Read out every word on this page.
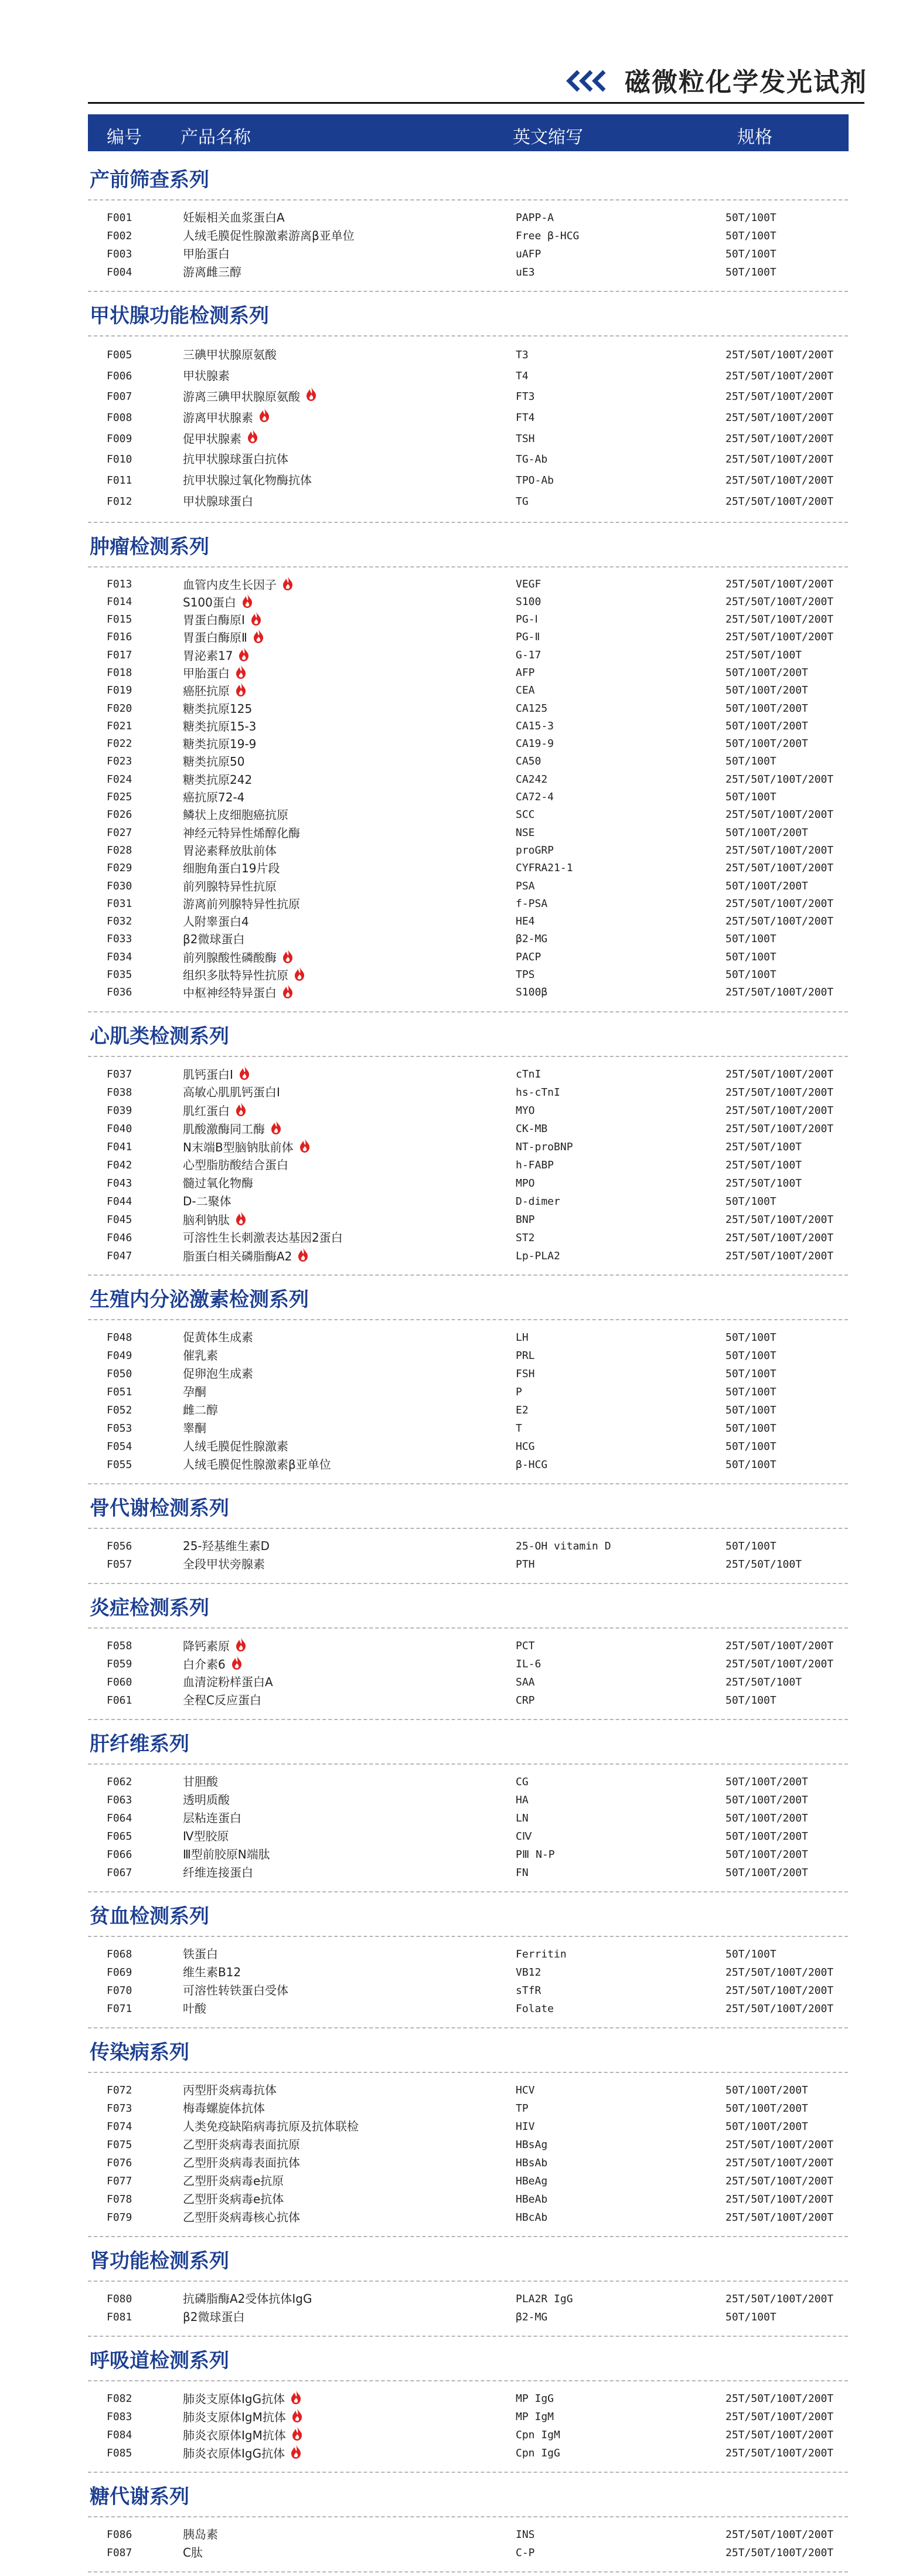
磁微粒化学发光试剂
编号 产品名称	英文缩写	规格
产前筛查系列
F001	妊娠相关血浆蛋白A	PAPP-A	50T/100T
F002	人绒毛膜促性腺激素游离β亚单位	Free β-HCG	50T/100T
F003	甲胎蛋白	uAFP	50T/100T
F004	游离雌三醇	uE3	50T/100T
甲状腺功能检测系列
F005	三碘甲状腺原氨酸	T3	25T/50T/100T/200T
F006	甲状腺素	T4	25T/50T/100T/200T
F007	游离三碘甲状腺原氨酸	FT3	25T/50T/100T/200T
F008	游离甲状腺素	FT4	25T/50T/100T/200T
F009	促甲状腺素	TSH	25T/50T/100T/200T
F010	抗甲状腺球蛋白抗体	TG-Ab	25T/50T/100T/200T
F011	抗甲状腺过氧化物酶抗体	TPO-Ab	25T/50T/100T/200T
F012	甲状腺球蛋白	TG	25T/50T/100T/200T
肿瘤检测系列
F013	血管内皮生长因子	VEGF	25T/50T/100T/200T
F014	S100蛋白	S100	25T/50T/100T/200T
F015	胃蛋白酶原Ⅰ	PG-Ⅰ	25T/50T/100T/200T
F016	胃蛋白酶原Ⅱ	PG-Ⅱ	25T/50T/100T/200T
F017	胃泌素17	G-17	25T/50T/100T
F018	甲胎蛋白	AFP	50T/100T/200T
F019	癌胚抗原	CEA	50T/100T/200T
F020	糖类抗原125	CA125	50T/100T/200T
F021	糖类抗原15-3	CA15-3	50T/100T/200T
F022	糖类抗原19-9	CA19-9	50T/100T/200T
F023	糖类抗原50	CA50	50T/100T
F024	糖类抗原242	CA242	25T/50T/100T/200T
F025	癌抗原72-4	CA72-4	50T/100T
F026	鳞状上皮细胞癌抗原	SCC	25T/50T/100T/200T
F027	神经元特异性烯醇化酶	NSE	50T/100T/200T
F028	胃泌素释放肽前体	proGRP	25T/50T/100T/200T
F029	细胞角蛋白19片段	CYFRA21-1	25T/50T/100T/200T
F030	前列腺特异性抗原	PSA	50T/100T/200T
F031	游离前列腺特异性抗原	f-PSA	25T/50T/100T/200T
F032	人附睾蛋白4	HE4	25T/50T/100T/200T
F033	β2微球蛋白	β2-MG	50T/100T
F034	前列腺酸性磷酸酶	PACP	50T/100T
F035	组织多肽特异性抗原	TPS	50T/100T
F036	中枢神经特异蛋白	S100β	25T/50T/100T/200T
心肌类检测系列
F037	肌钙蛋白Ⅰ	cTnI	25T/50T/100T/200T
F038	高敏心肌肌钙蛋白Ⅰ	hs-cTnI	25T/50T/100T/200T
F039	肌红蛋白	MYO	25T/50T/100T/200T
F040	肌酸激酶同工酶	CK-MB	25T/50T/100T/200T
F041	N末端B型脑钠肽前体	NT-proBNP	25T/50T/100T
F042	心型脂肪酸结合蛋白	h-FABP	25T/50T/100T
F043	髓过氧化物酶	MPO	25T/50T/100T
F044	D-二聚体	D-dimer	50T/100T
F045	脑利钠肽	BNP	25T/50T/100T/200T
F046	可溶性生长刺激表达基因2蛋白	ST2	25T/50T/100T/200T
F047	脂蛋白相关磷脂酶A2	Lp-PLA2	25T/50T/100T/200T
生殖内分泌激素检测系列
F048	促黄体生成素	LH	50T/100T
F049	催乳素	PRL	50T/100T
F050	促卵泡生成素	FSH	50T/100T
F051	孕酮	P	50T/100T
F052	雌二醇	E2	50T/100T
F053	睾酮	T	50T/100T
F054	人绒毛膜促性腺激素	HCG	50T/100T
F055	人绒毛膜促性腺激素β亚单位	β-HCG	50T/100T
骨代谢检测系列
F056	25-羟基维生素D	25-OH vitamin D	50T/100T
F057	全段甲状旁腺素	PTH	25T/50T/100T
炎症检测系列
F058	降钙素原	PCT	25T/50T/100T/200T
F059	白介素6	IL-6	25T/50T/100T/200T
F060	血清淀粉样蛋白A	SAA	25T/50T/100T
F061	全程C反应蛋白	CRP	50T/100T
肝纤维系列
F062	甘胆酸	CG	50T/100T/200T
F063	透明质酸	HA	50T/100T/200T
F064	层粘连蛋白	LN	50T/100T/200T
F065	Ⅳ型胶原	CⅣ	50T/100T/200T
F066	Ⅲ型前胶原N端肽	PⅢ N-P	50T/100T/200T
F067	纤维连接蛋白	FN	50T/100T/200T
贫血检测系列
F068	铁蛋白	Ferritin	50T/100T
F069	维生素B12	VB12	25T/50T/100T/200T
F070	可溶性转铁蛋白受体	sTfR	25T/50T/100T/200T
F071	叶酸	Folate	25T/50T/100T/200T
传染病系列
F072	丙型肝炎病毒抗体	HCV	50T/100T/200T
F073	梅毒螺旋体抗体	TP	50T/100T/200T
F074	人类免疫缺陷病毒抗原及抗体联检	HIV	50T/100T/200T
F075	乙型肝炎病毒表面抗原	HBsAg	25T/50T/100T/200T
F076	乙型肝炎病毒表面抗体	HBsAb	25T/50T/100T/200T
F077	乙型肝炎病毒e抗原	HBeAg	25T/50T/100T/200T
F078	乙型肝炎病毒e抗体	HBeAb	25T/50T/100T/200T
F079	乙型肝炎病毒核心抗体	HBcAb	25T/50T/100T/200T
肾功能检测系列
F080	抗磷脂酶A2受体抗体IgG	PLA2R IgG	25T/50T/100T/200T
F081	β2微球蛋白	β2-MG	50T/100T
呼吸道检测系列
F082	肺炎支原体IgG抗体	MP IgG	25T/50T/100T/200T
F083	肺炎支原体IgM抗体	MP IgM	25T/50T/100T/200T
F084	肺炎衣原体IgM抗体	Cpn IgM	25T/50T/100T/200T
F085	肺炎衣原体IgG抗体	Cpn IgG	25T/50T/100T/200T
糖代谢系列
F086	胰岛素	INS	25T/50T/100T/200T
F087	C肽	C-P	25T/50T/100T/200T
